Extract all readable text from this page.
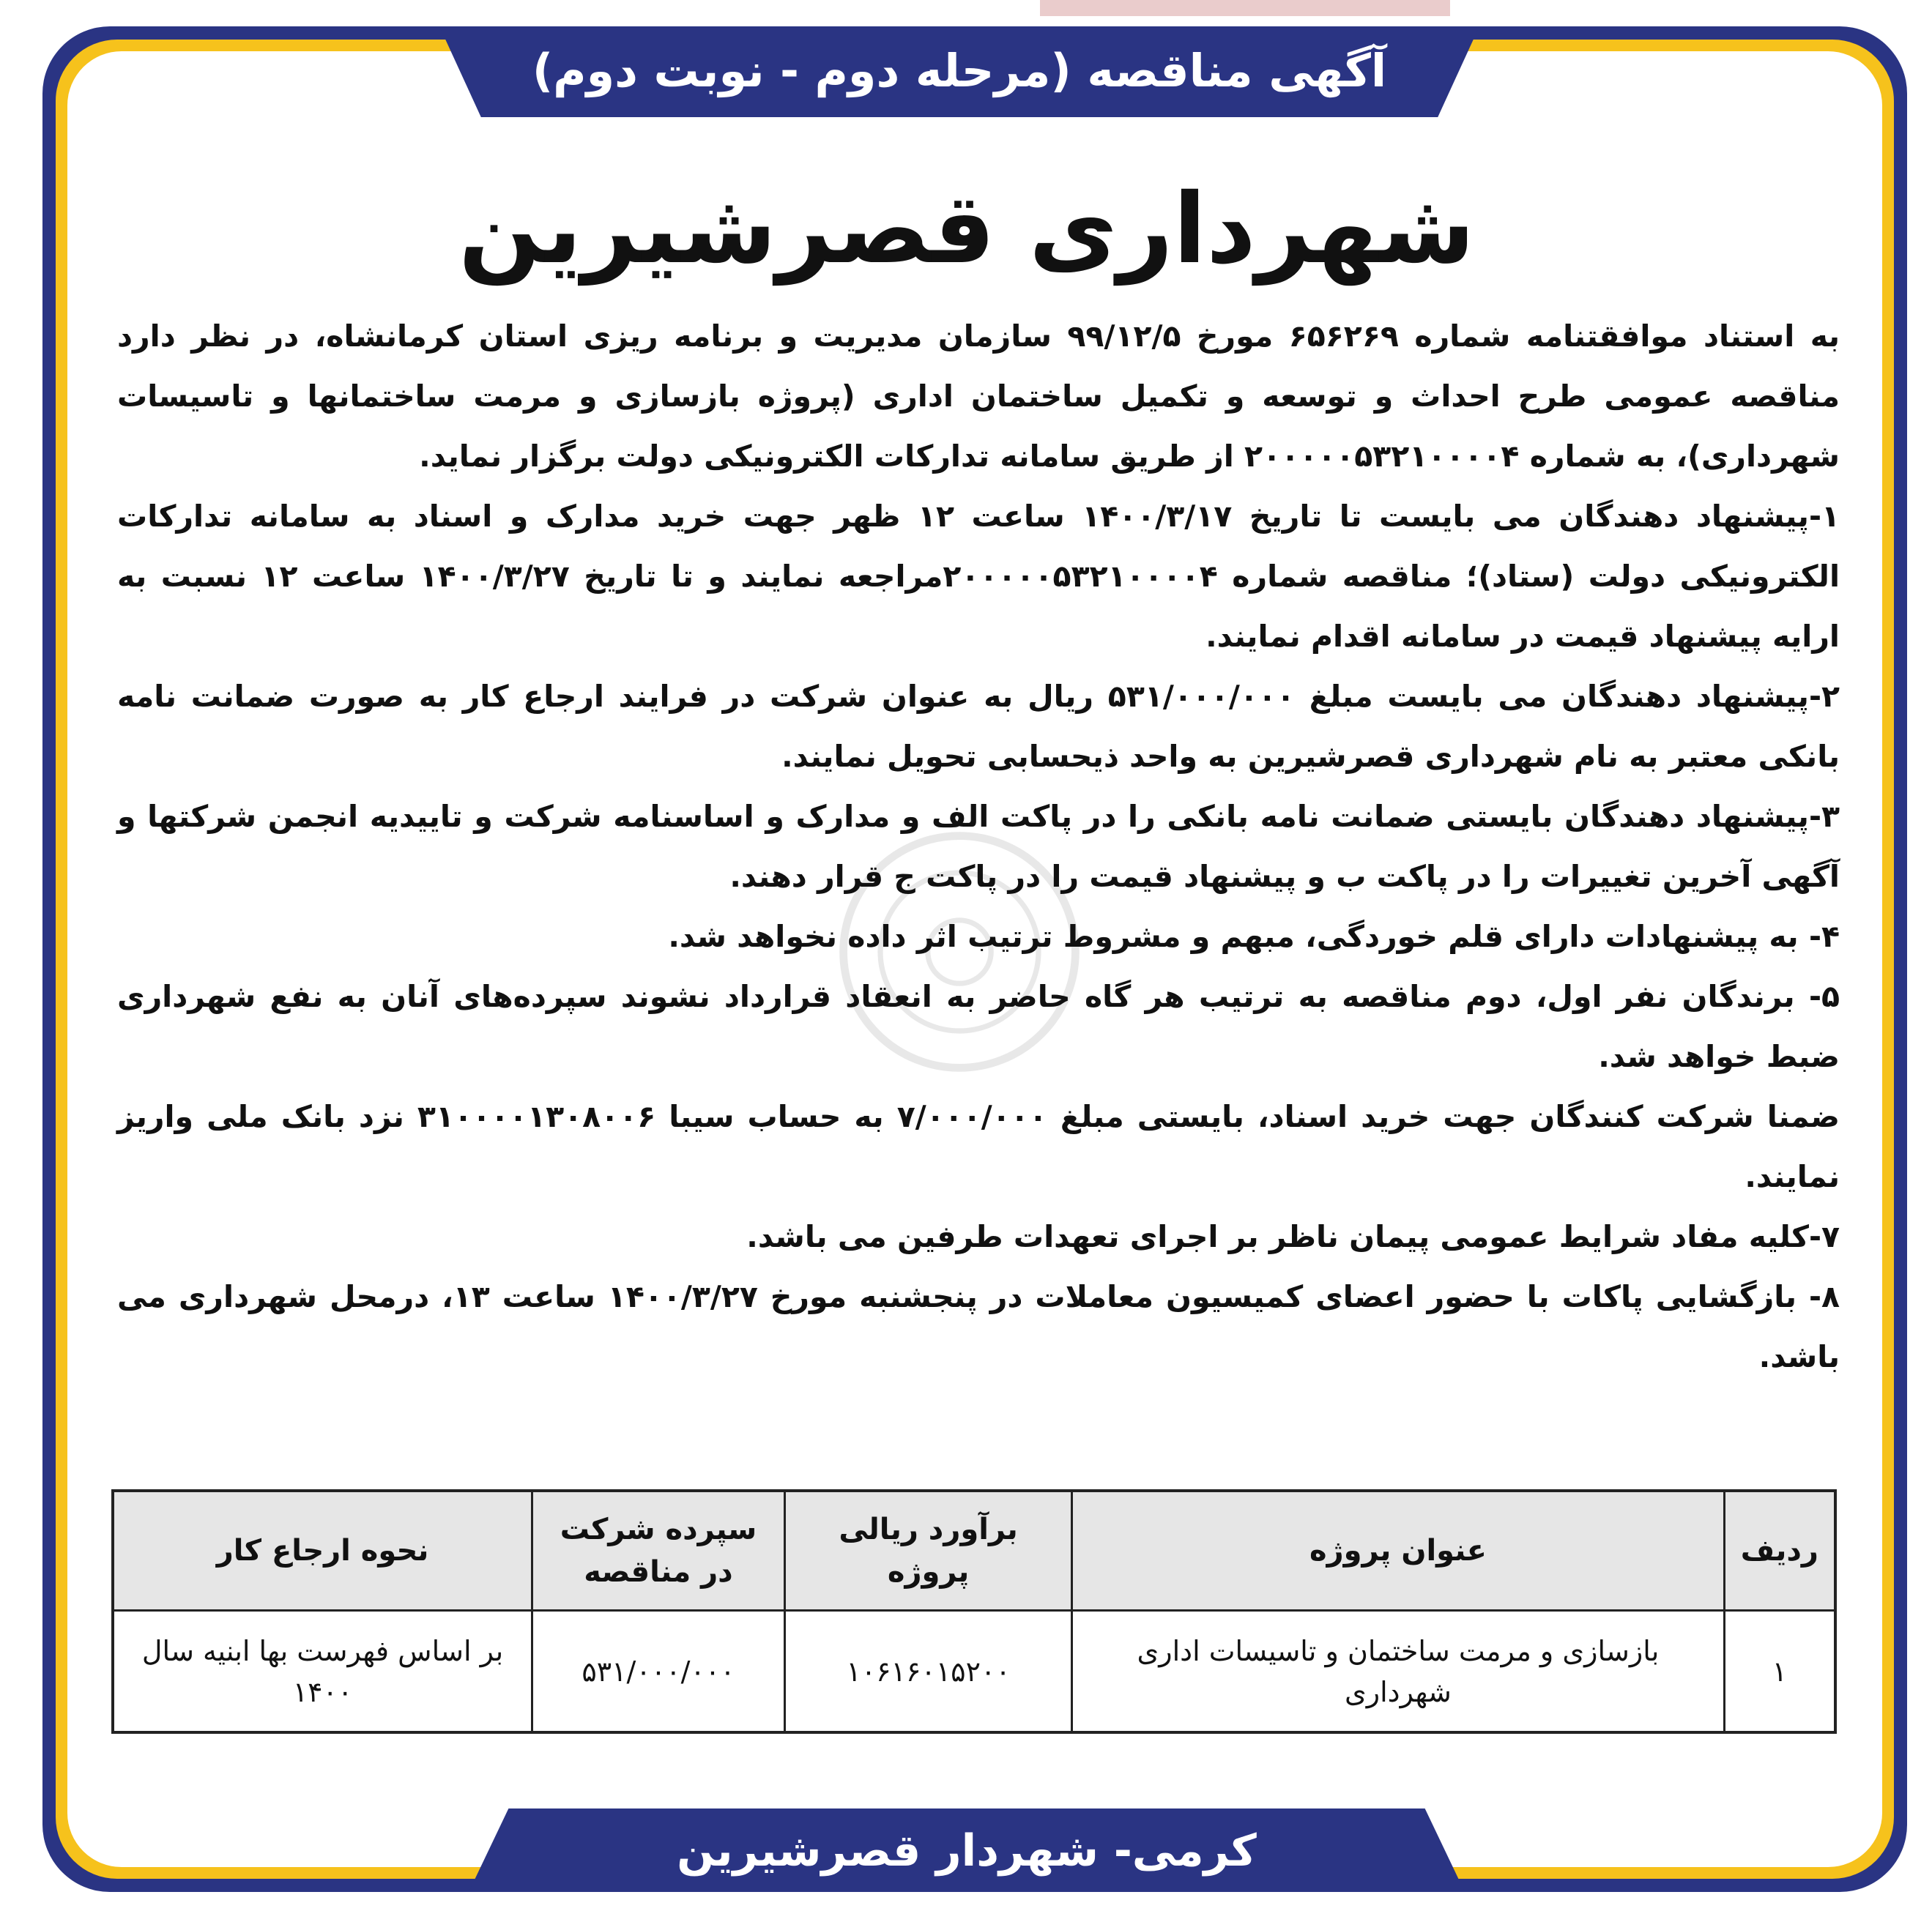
آگهی مناقصه (مرحله دوم - نوبت دوم)
شهرداری قصرشیرین

به استناد موافقتنامه شماره ۶۵۶۲۶۹ مورخ ۹۹/۱۲/۵ سازمان مدیریت و برنامه ریزی استان کرمانشاه، در نظر دارد مناقصه عمومی طرح احداث و توسعه و تکمیل ساختمان اداری (پروژه بازسازی و مرمت ساختمانها و تاسیسات شهرداری)، به شماره ۲۰۰۰۰۰۵۳۲۱۰۰۰۰۴ از طریق سامانه تدارکات الکترونیکی دولت برگزار نماید.

۱-پیشنهاد دهندگان می بایست تا تاریخ ۱۴۰۰/۳/۱۷ ساعت ۱۲ ظهر جهت خرید مدارک و اسناد به سامانه تدارکات الکترونیکی دولت (ستاد)؛ مناقصه شماره ۲۰۰۰۰۰۵۳۲۱۰۰۰۰۴مراجعه نمایند و تا تاریخ ۱۴۰۰/۳/۲۷ ساعت ۱۲ نسبت به ارایه پیشنهاد قیمت در سامانه اقدام نمایند.

۲-پیشنهاد دهندگان می بایست مبلغ ۵۳۱/۰۰۰/۰۰۰ ریال به عنوان شرکت در فرایند ارجاع کار به صورت ضمانت نامه بانکی معتبر به نام شهرداری قصرشیرین به واحد ذیحسابی تحویل نمایند.

۳-پیشنهاد دهندگان بایستی ضمانت نامه بانکی را در پاکت الف و مدارک و اساسنامه شرکت و تاییدیه انجمن شرکتها و آگهی آخرین تغییرات را در پاکت ب و پیشنهاد قیمت را در پاکت ج قرار دهند.

۴- به پیشنهادات دارای قلم خوردگی، مبهم و مشروط ترتیب اثر داده نخواهد شد.

۵- برندگان نفر اول، دوم مناقصه به ترتیب هر گاه حاضر به انعقاد قرارداد نشوند سپرده‌های آنان به نفع شهرداری ضبط خواهد شد.

ضمنا شرکت کنندگان جهت خرید اسناد، بایستی مبلغ ۷/۰۰۰/۰۰۰ به حساب سیبا ۳۱۰۰۰۰۱۳۰۸۰۰۶ نزد بانک ملی واریز نمایند.

۷-کلیه مفاد شرایط عمومی پیمان ناظر بر اجرای تعهدات طرفین می باشد.

۸- بازگشایی پاکات با حضور اعضای کمیسیون معاملات در پنجشنبه مورخ ۱۴۰۰/۳/۲۷ ساعت ۱۳، درمحل شهرداری می باشد.

ردیف	عنوان پروژه	برآورد ریالی پروژه	سپرده شرکت در مناقصه	نحوه ارجاع کار
۱	بازسازی و مرمت ساختمان و تاسیسات اداری شهرداری	۱۰۶۱۶۰۱۵۲۰۰	۵۳۱/۰۰۰/۰۰۰	بر اساس فهرست بها ابنیه سال ۱۴۰۰
کرمی- شهردار قصرشیرین
